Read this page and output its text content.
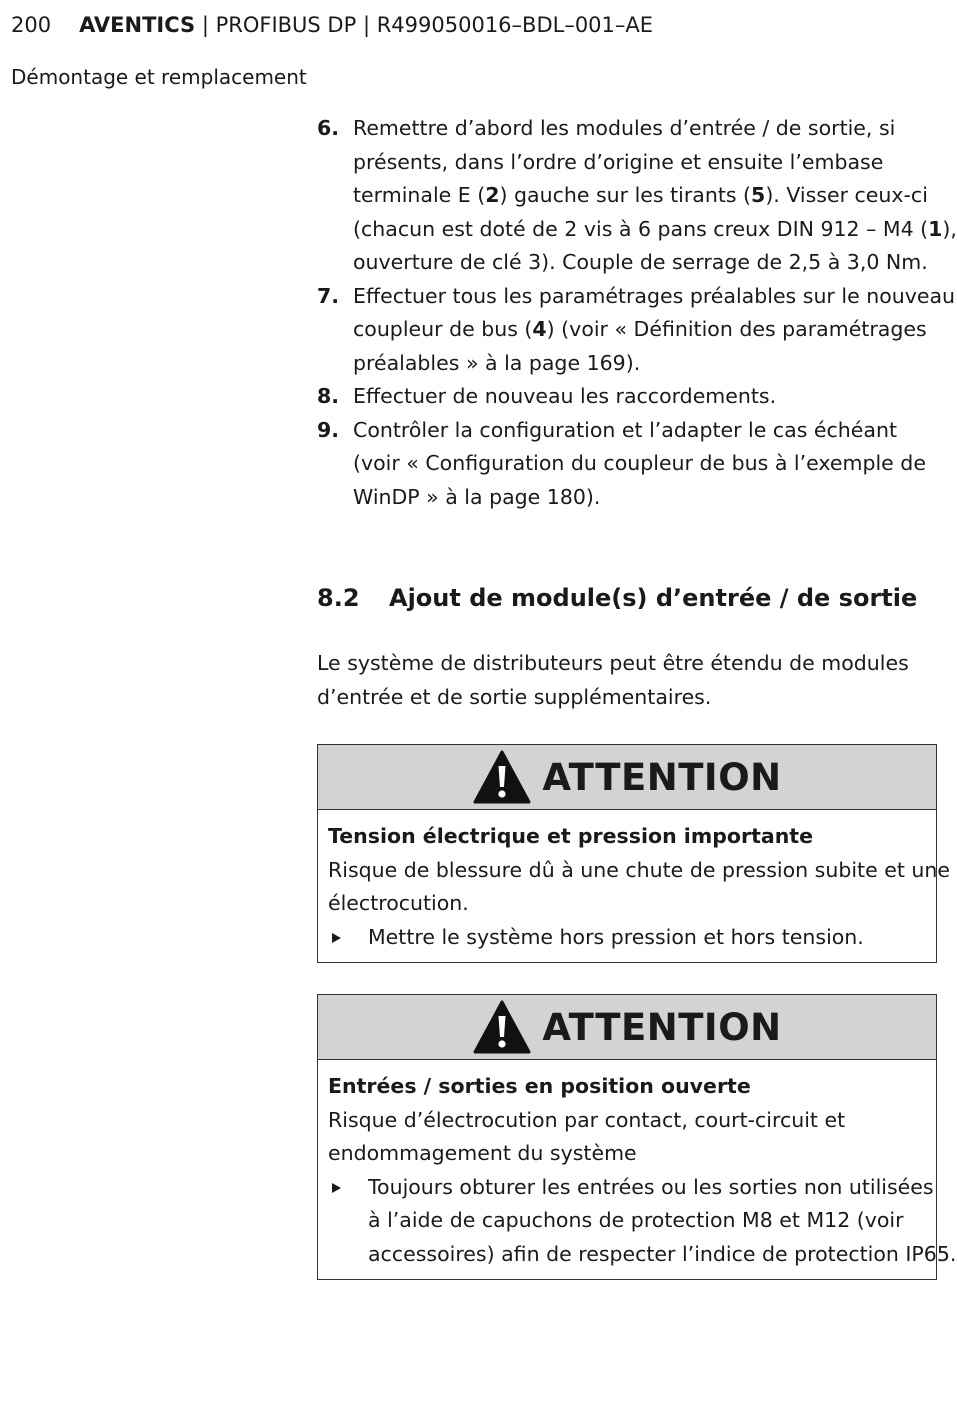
200 AVENTICS | PROFIBUS DP | R499050016–BDL–001–AE
Démontage et remplacement
6. Remettre d’abord les modules d’entrée / de sortie, si
présents, dans l’ordre d’origine et ensuite l’embase
terminale E (2) gauche sur les tirants (5). Visser ceux-ci
(chacun est doté de 2 vis à 6 pans creux DIN 912 – M4 (1),
ouverture de clé 3). Couple de serrage de 2,5 à 3,0 Nm.
7. Effectuer tous les paramétrages préalables sur le nouveau
coupleur de bus (4) (voir « Définition des paramétrages
préalables » à la page 169).
8. Effectuer de nouveau les raccordements.
9. Contrôler la configuration et l’adapter le cas échéant
(voir « Configuration du coupleur de bus à l’exemple de
WinDP » à la page 180).
8.2 Ajout de module(s) d’entrée / de sortie
Le système de distributeurs peut être étendu de modules
d’entrée et de sortie supplémentaires.
ATTENTION
Tension électrique et pression importante
Risque de blessure dû à une chute de pression subite et une
électrocution.
Mettre le système hors pression et hors tension.
ATTENTION
Entrées / sorties en position ouverte
Risque d’électrocution par contact, court-circuit et
endommagement du système
Toujours obturer les entrées ou les sorties non utilisées
à l’aide de capuchons de protection M8 et M12 (voir
accessoires) afin de respecter l’indice de protection IP65.
